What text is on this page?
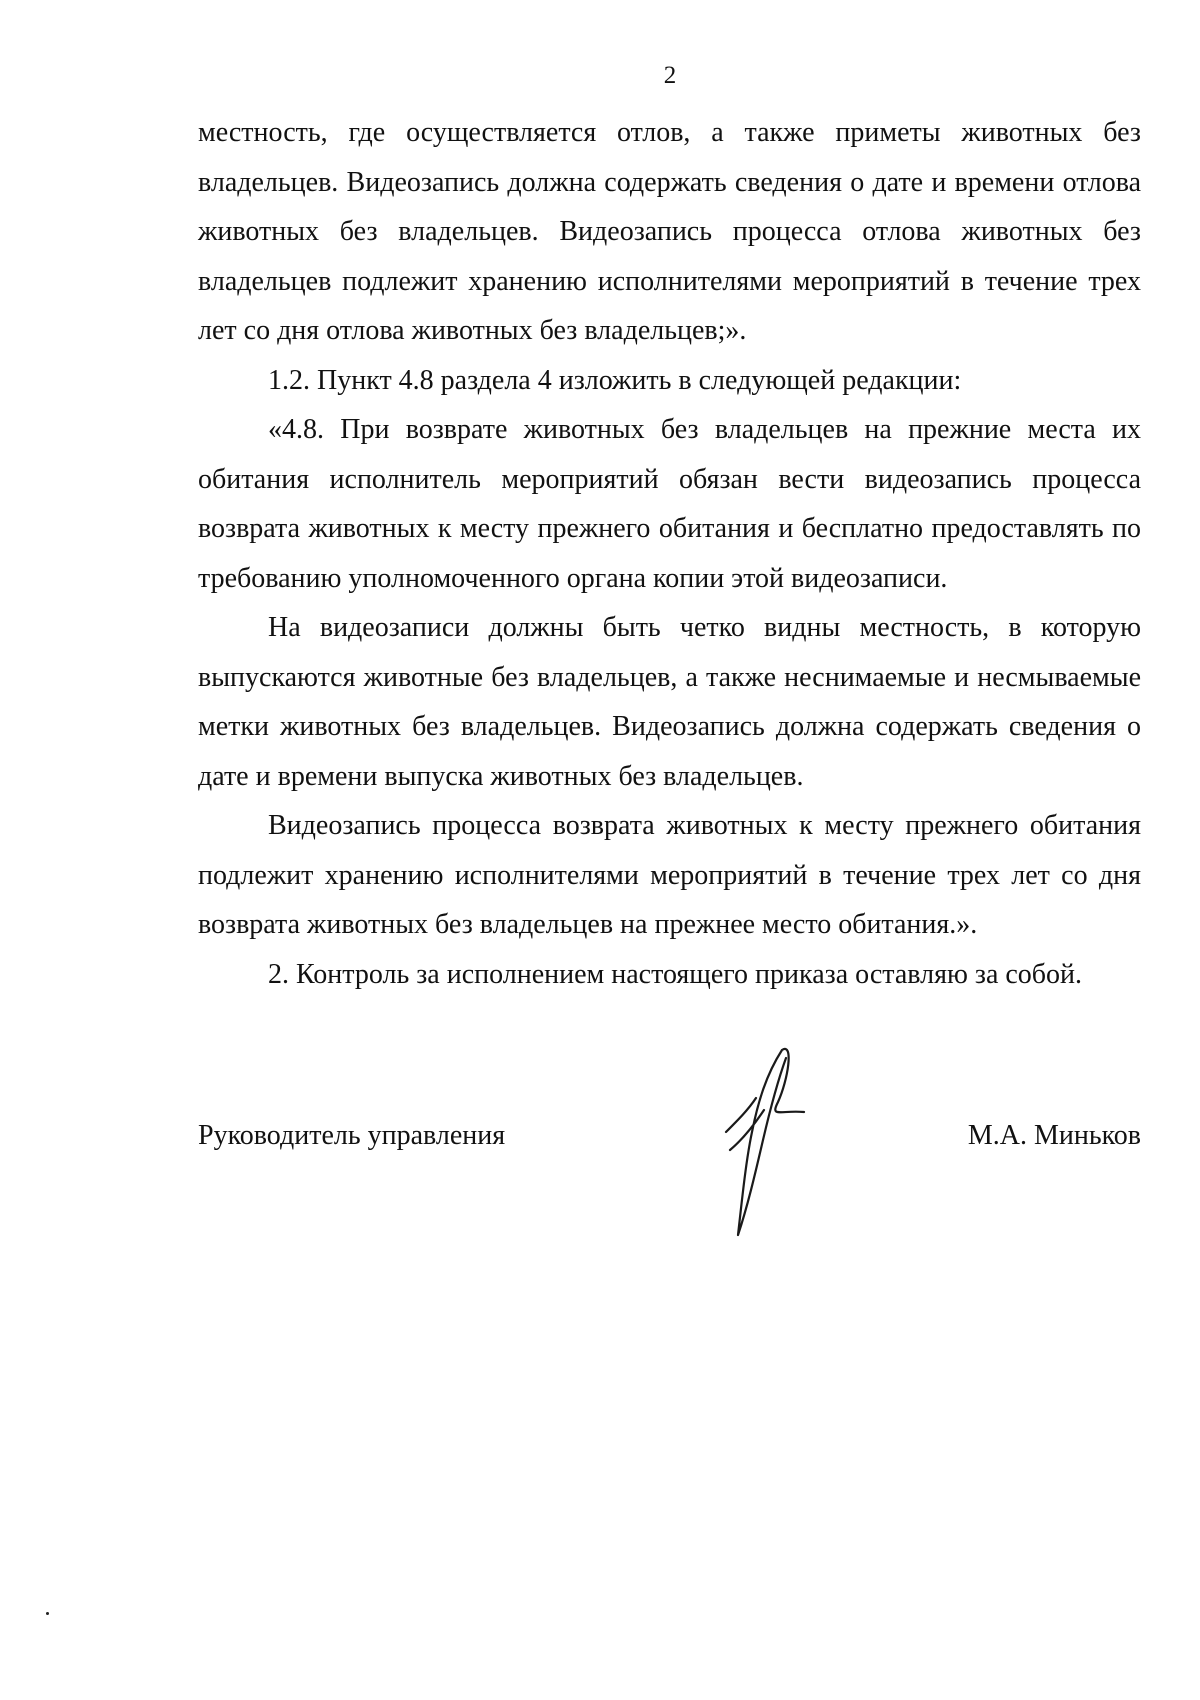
2

местность, где осуществляется отлов, а также приметы животных без владельцев. Видеозапись должна содержать сведения о дате и времени отлова животных без владельцев. Видеозапись процесса отлова животных без владельцев подлежит хранению исполнителями мероприятий в течение трех лет со дня отлова животных без владельцев;».

1.2. Пункт 4.8 раздела 4 изложить в следующей редакции:

«4.8. При возврате животных без владельцев на прежние места их обитания исполнитель мероприятий обязан вести видеозапись процесса возврата животных к месту прежнего обитания и бесплатно предоставлять по требованию уполномоченного органа копии этой видеозаписи.

На видеозаписи должны быть четко видны местность, в которую выпускаются животные без владельцев, а также неснимаемые и несмываемые метки животных без владельцев. Видеозапись должна содержать сведения о дате и времени выпуска животных без владельцев.

Видеозапись процесса возврата животных к месту прежнего обитания подлежит хранению исполнителями мероприятий в течение трех лет со дня возврата животных без владельцев на прежнее место обитания.».

2. Контроль за исполнением настоящего приказа оставляю за собой.

Руководитель управления	М.А. Миньков
